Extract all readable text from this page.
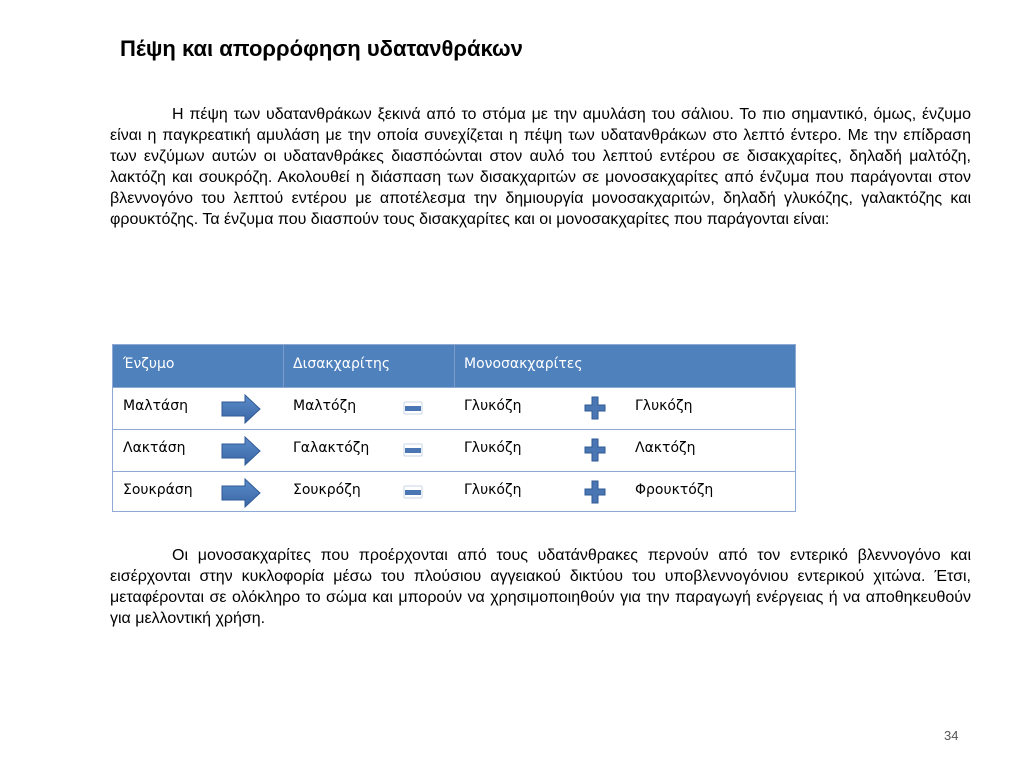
Πέψη και απορρόφηση υδατανθράκων

Η πέψη των υδατανθράκων ξεκινά από το στόμα με την αμυλάση του σάλιου. Το πιο σημαντικό, όμως, ένζυμο είναι η παγκρεατική αμυλάση με την οποία συνεχίζεται η πέψη των υδατανθράκων στο λεπτό έντερο. Με την επίδραση των ενζύμων αυτών οι υδατανθράκες διασπόώνται στον αυλό του λεπτού εντέρου σε δισακχαρίτες, δηλαδή μαλτόζη, λακτόζη και σουκρόζη. Ακολουθεί η διάσπαση των δισακχαριτών σε μονοσακχαρίτες από ένζυμα που παράγονται στον βλεννογόνο του λεπτού εντέρου με αποτέλεσμα την δημιουργία μονοσακχαριτών, δηλαδή γλυκόζης, γαλακτόζης και φρουκτόζης. Τα ένζυμα που διασπούν τους δισακχαρίτες και οι μονοσακχαρίτες που παράγονται είναι:

Ένζυμο	Δισακχαρίτης	Μονοσακχαρίτες
Μαλτάση	Μαλτόζη	Γλυκόζη	Γλυκόζη
Λακτάση	Γαλακτόζη	Γλυκόζη	Λακτόζη
Σουκράση	Σουκρόζη	Γλυκόζη	Φρουκτόζη

Οι μονοσακχαρίτες που προέρχονται από τους υδατάνθρακες περνούν από τον εντερικό βλεννογόνο και εισέρχονται στην κυκλοφορία μέσω του πλούσιου αγγειακού δικτύου του υποβλεννογόνιου εντερικού χιτώνα. Έτσι, μεταφέρονται σε ολόκληρο το σώμα και μπορούν να χρησιμοποιηθούν για την παραγωγή ενέργειας ή να αποθηκευθούν για μελλοντική χρήση.

34
